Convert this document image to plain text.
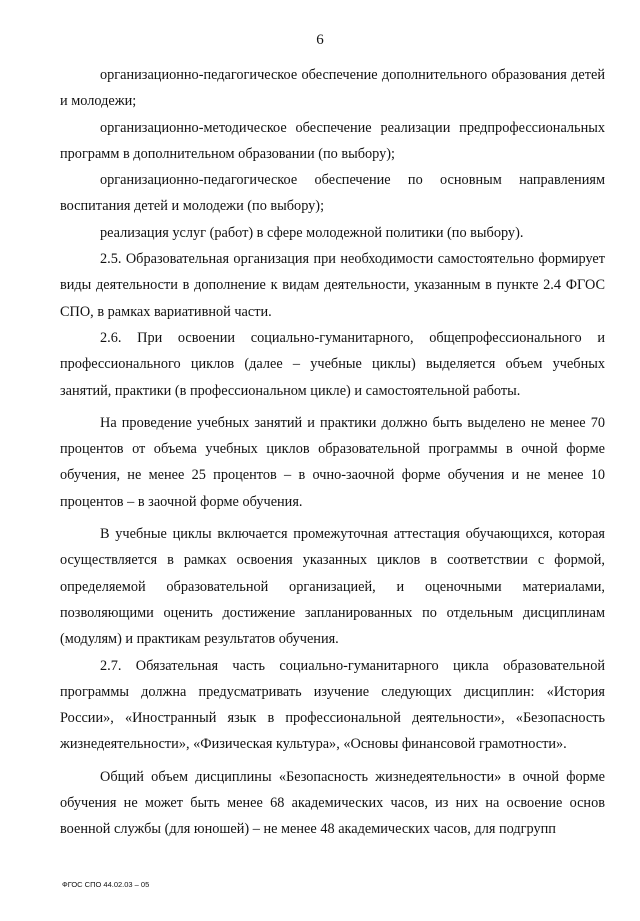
6

организационно-педагогическое обеспечение дополнительного образования детей и молодежи;

организационно-методическое обеспечение реализации предпрофессиональных программ в дополнительном образовании (по выбору);

организационно-педагогическое обеспечение по основным направлениям воспитания детей и молодежи (по выбору);

реализация услуг (работ) в сфере молодежной политики (по выбору).

2.5. Образовательная организация при необходимости самостоятельно формирует виды деятельности в дополнение к видам деятельности, указанным в пункте 2.4 ФГОС СПО, в рамках вариативной части.

2.6. При освоении социально-гуманитарного, общепрофессионального и профессионального циклов (далее – учебные циклы) выделяется объем учебных занятий, практики (в профессиональном цикле) и самостоятельной работы.

На проведение учебных занятий и практики должно быть выделено не менее 70 процентов от объема учебных циклов образовательной программы в очной форме обучения, не менее 25 процентов – в очно-заочной форме обучения и не менее 10 процентов – в заочной форме обучения.

В учебные циклы включается промежуточная аттестация обучающихся, которая осуществляется в рамках освоения указанных циклов в соответствии с формой, определяемой образовательной организацией, и оценочными материалами, позволяющими оценить достижение запланированных по отдельным дисциплинам (модулям) и практикам результатов обучения.

2.7. Обязательная часть социально-гуманитарного цикла образовательной программы должна предусматривать изучение следующих дисциплин: «История России», «Иностранный язык в профессиональной деятельности», «Безопасность жизнедеятельности», «Физическая культура», «Основы финансовой грамотности».

Общий объем дисциплины «Безопасность жизнедеятельности» в очной форме обучения не может быть менее 68 академических часов, из них на освоение основ военной службы (для юношей) – не менее 48 академических часов, для подгрупп

ФГОС СПО 44.02.03 – 05
